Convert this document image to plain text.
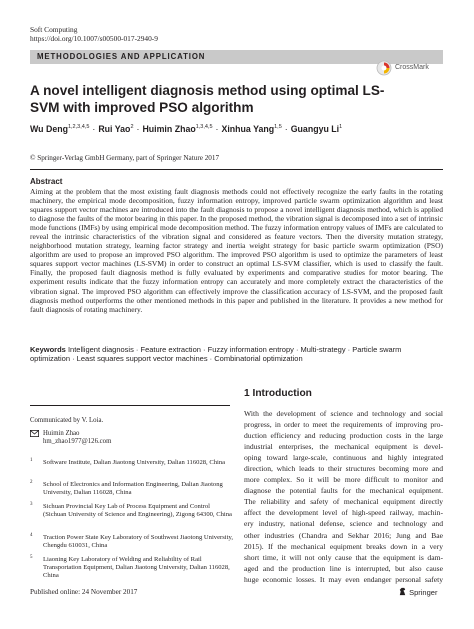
Soft Computing
https://doi.org/10.1007/s00500-017-2940-9
METHODOLOGIES AND APPLICATION
CrossMark
A novel intelligent diagnosis method using optimal LS-SVM with improved PSO algorithm
Wu Deng$^{1,2,3,4,5}$ · Rui Yao$^2$ · Huimin Zhao$^{1,3,4,5}$ · Xinhua Yang$^{1,5}$ · Guangyu Li$^1$
© Springer-Verlag GmbH Germany, part of Springer Nature 2017
Abstract
Aiming at the problem that the most existing fault diagnosis methods could not effectively recognize the early faults in the rotating machinery, the empirical mode decomposition, fuzzy information entropy, improved particle swarm optimization algorithm and least squares support vector machines are introduced into the fault diagnosis to propose a novel intelligent diagnosis method, which is applied to diagnose the faults of the motor bearing in this paper. In the proposed method, the vibration signal is decomposed into a set of intrinsic mode functions (IMFs) by using empirical mode decomposition method. The fuzzy information entropy values of IMFs are calculated to reveal the intrinsic characteristics of the vibration signal and considered as feature vectors. Then the diversity mutation strategy, neighborhood mutation strategy, learning factor strategy and inertia weight strategy for basic particle swarm optimization (PSO) algorithm are used to propose an improved PSO algorithm. The improved PSO algorithm is used to optimize the parameters of least squares support vector machines (LS-SVM) in order to construct an optimal LS-SVM classifier, which is used to classify the fault. Finally, the proposed fault diagnosis method is fully evaluated by experiments and comparative studies for motor bearing. The experiment results indicate that the fuzzy information entropy can accurately and more completely extract the characteristics of the vibration signal. The improved PSO algorithm can effectively improve the classification accuracy of LS-SVM, and the proposed fault diagnosis method outperforms the other mentioned methods in this paper and published in the literature. It provides a new method for fault diagnosis of rotating machinery.
Keywords Intelligent diagnosis · Feature extraction · Fuzzy information entropy · Multi-strategy · Particle swarm optimization · Least squares support vector machines · Combinatorial optimization
Communicated by V. Loia.
Huimin Zhao
hm_zhao1977@126.com
1 Software Institute, Dalian Jiaotong University, Dalian 116028, China
2 School of Electronics and Information Engineering, Dalian Jiaotong University, Dalian 116028, China
3 Sichuan Provincial Key Lab of Process Equipment and Control (Sichuan University of Science and Engineering), Zigong 64300, China
4 Traction Power State Key Laboratory of Southwest Jiaotong University, Chengdu 610031, China
5 Liaoning Key Laboratory of Welding and Reliability of Rail Transportation Equipment, Dalian Jiaotong University, Dalian 116028, China
1 Introduction
With the development of science and technology and social
progress, in order to meet the requirements of improving pro-
duction efficiency and reducing production costs in the large
industrial enterprises, the mechanical equipment is devel-
oping toward large-scale, continuous and highly integrated
direction, which leads to their structures becoming more and
more complex. So it will be more difficult to monitor and
diagnose the potential faults for the mechanical equipment.
The reliability and safety of mechanical equipment directly
affect the development level of high-speed railway, machin-
ery industry, national defense, science and technology and
other industries (Chandra and Sekhar 2016; Jung and Bae
2015). If the mechanical equipment breaks down in a very
short time, it will not only cause that the equipment is dam-
aged and the production line is interrupted, but also cause
huge economic losses. It may even endanger personal safety
Published online: 24 November 2017	Springer
